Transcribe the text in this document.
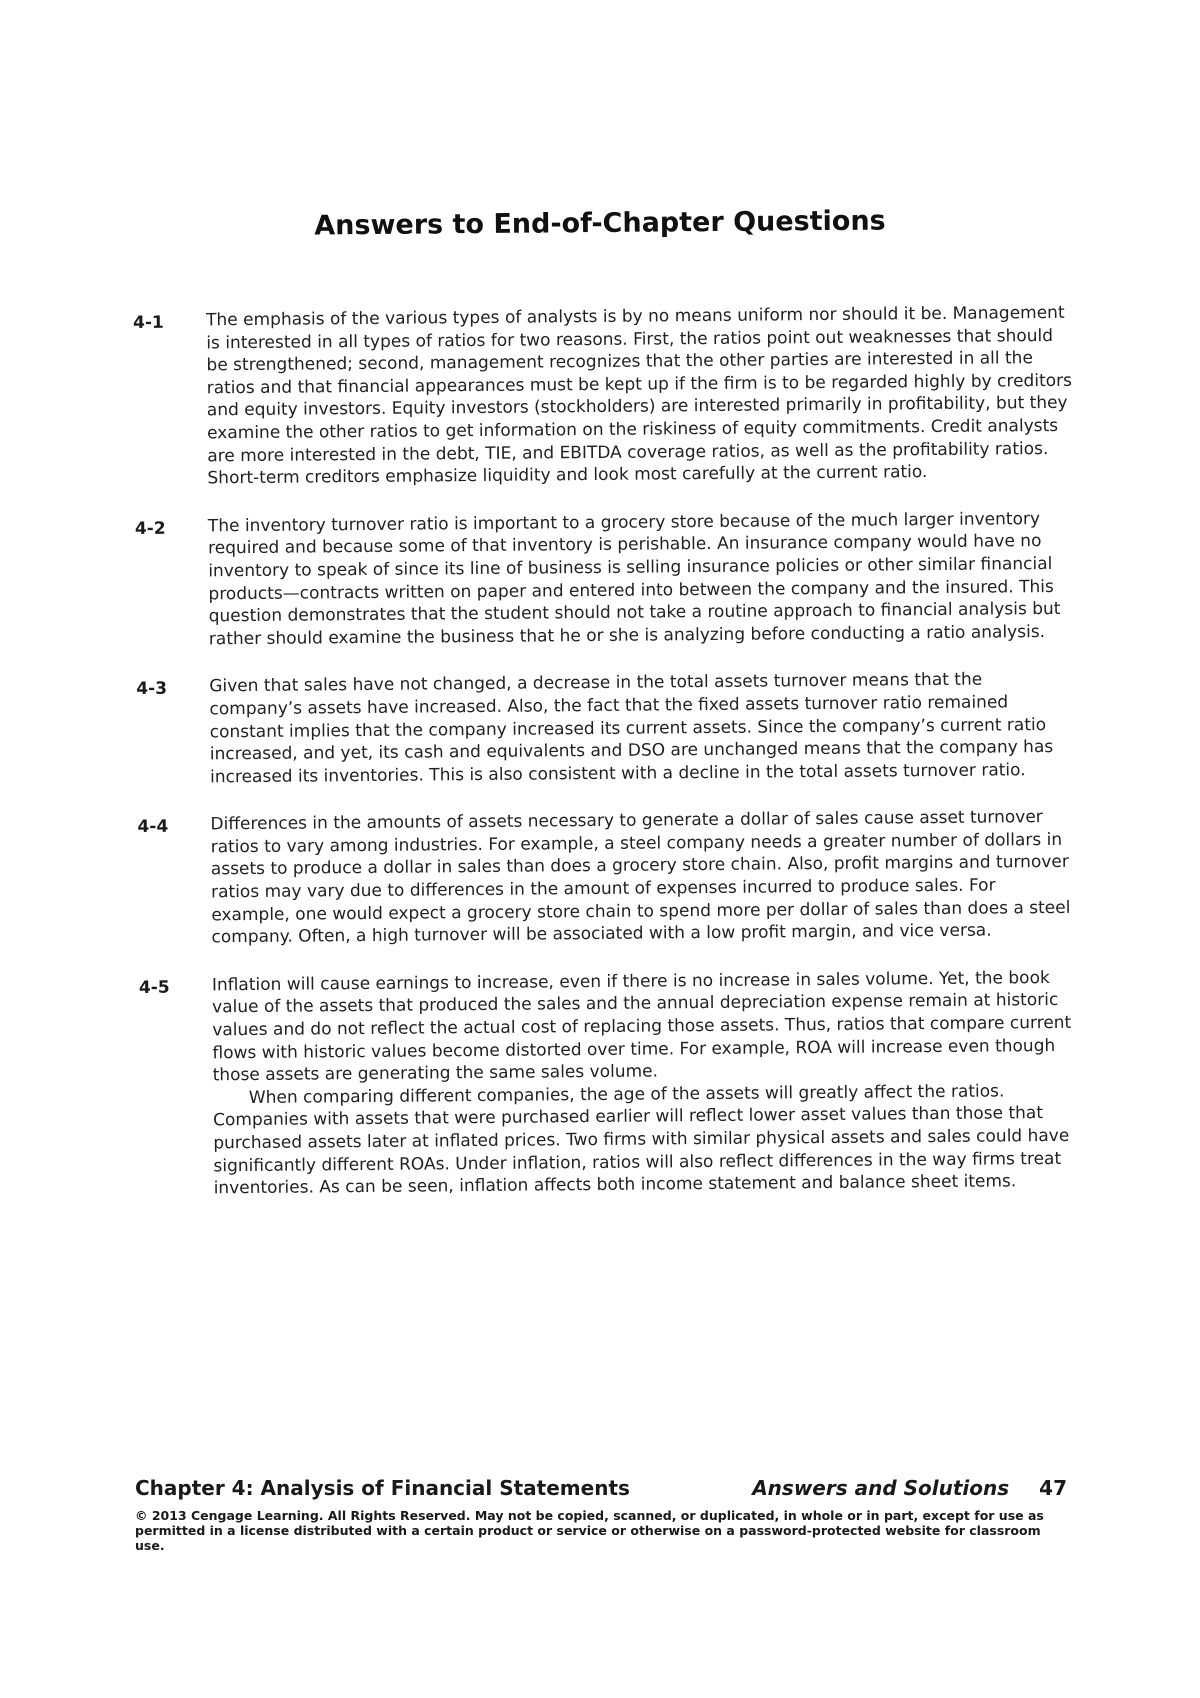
Answers to End-of-Chapter Questions
4-1	The emphasis of the various types of analysts is by no means uniform nor should it be. Management is interested in all types of ratios for two reasons. First, the ratios point out weaknesses that should be strengthened; second, management recognizes that the other parties are interested in all the ratios and that financial appearances must be kept up if the firm is to be regarded highly by creditors and equity investors. Equity investors (stockholders) are interested primarily in profitability, but they examine the other ratios to get information on the riskiness of equity commitments. Credit analysts are more interested in the debt, TIE, and EBITDA coverage ratios, as well as the profitability ratios. Short-term creditors emphasize liquidity and look most carefully at the current ratio.

4-2	The inventory turnover ratio is important to a grocery store because of the much larger inventory required and because some of that inventory is perishable. An insurance company would have no inventory to speak of since its line of business is selling insurance policies or other similar financial products—contracts written on paper and entered into between the company and the insured. This question demonstrates that the student should not take a routine approach to financial analysis but rather should examine the business that he or she is analyzing before conducting a ratio analysis.

4-3	Given that sales have not changed, a decrease in the total assets turnover means that the company’s assets have increased. Also, the fact that the fixed assets turnover ratio remained constant implies that the company increased its current assets. Since the company’s current ratio increased, and yet, its cash and equivalents and DSO are unchanged means that the company has increased its inventories. This is also consistent with a decline in the total assets turnover ratio.

4-4	Differences in the amounts of assets necessary to generate a dollar of sales cause asset turnover ratios to vary among industries. For example, a steel company needs a greater number of dollars in assets to produce a dollar in sales than does a grocery store chain. Also, profit margins and turnover ratios may vary due to differences in the amount of expenses incurred to produce sales. For example, one would expect a grocery store chain to spend more per dollar of sales than does a steel company. Often, a high turnover will be associated with a low profit margin, and vice versa.

4-5	Inflation will cause earnings to increase, even if there is no increase in sales volume. Yet, the book value of the assets that produced the sales and the annual depreciation expense remain at historic values and do not reflect the actual cost of replacing those assets. Thus, ratios that compare current flows with historic values become distorted over time. For example, ROA will increase even though those assets are generating the same sales volume.

When comparing different companies, the age of the assets will greatly affect the ratios. Companies with assets that were purchased earlier will reflect lower asset values than those that purchased assets later at inflated prices. Two firms with similar physical assets and sales could have significantly different ROAs. Under inflation, ratios will also reflect differences in the way firms treat inventories. As can be seen, inflation affects both income statement and balance sheet items.

Chapter 4: Analysis of Financial Statements	Answers and Solutions 47
© 2013 Cengage Learning. All Rights Reserved. May not be copied, scanned, or duplicated, in whole or in part, except for use as permitted in a license distributed with a certain product or service or otherwise on a password-protected website for classroom use.
